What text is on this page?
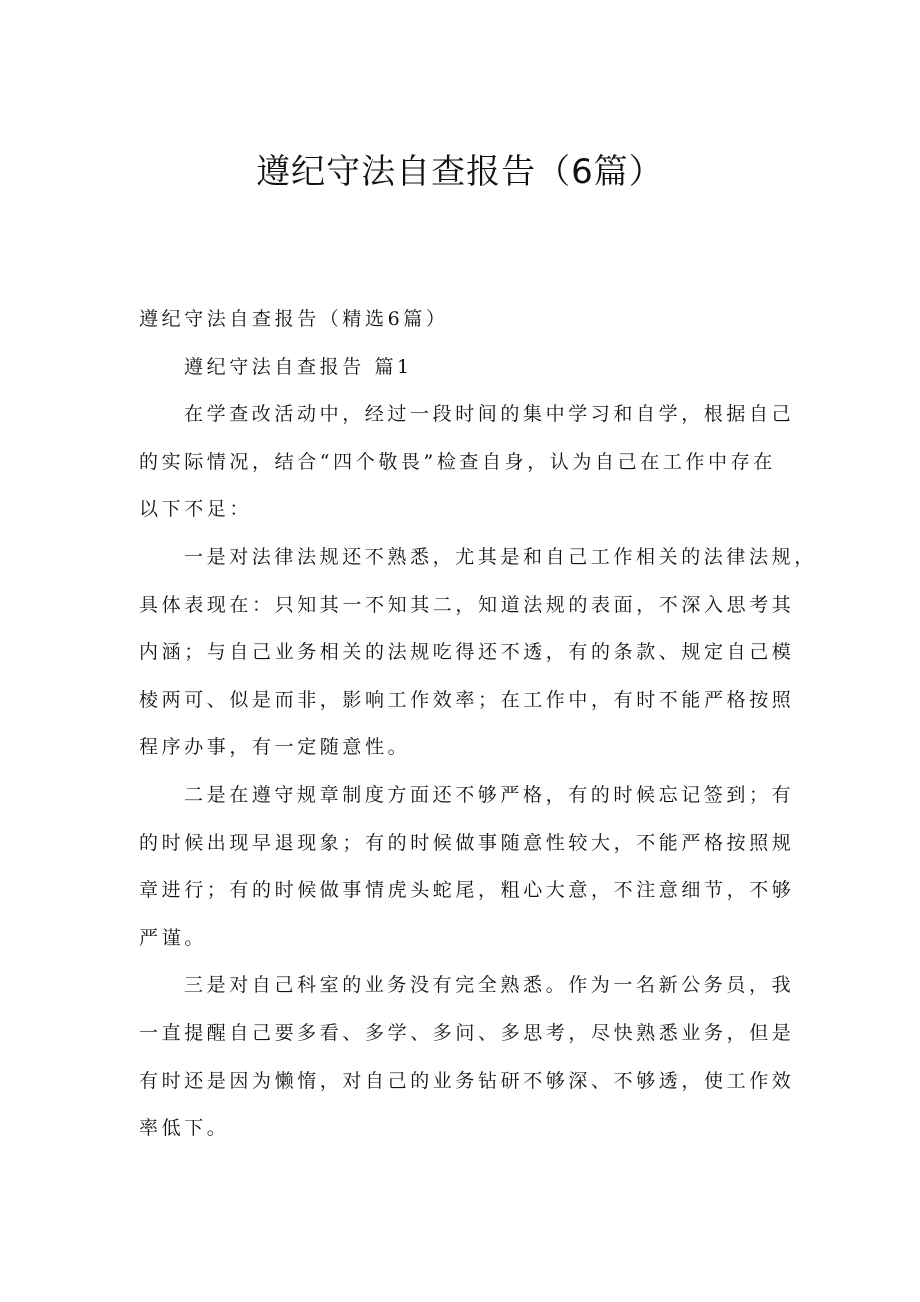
遵纪守法自查报告（6篇）
遵纪守法自查报告（精选6篇）
遵纪守法自查报告 篇1
在学查改活动中，经过一段时间的集中学习和自学，根据自己
的实际情况，结合“四个敬畏”检查自身，认为自己在工作中存在
以下不足：
一是对法律法规还不熟悉，尤其是和自己工作相关的法律法规，
具体表现在：只知其一不知其二，知道法规的表面，不深入思考其
内涵；与自己业务相关的法规吃得还不透，有的条款、规定自己模
棱两可、似是而非，影响工作效率；在工作中，有时不能严格按照
程序办事，有一定随意性。
二是在遵守规章制度方面还不够严格，有的时候忘记签到；有
的时候出现早退现象；有的时候做事随意性较大，不能严格按照规
章进行；有的时候做事情虎头蛇尾，粗心大意，不注意细节，不够
严谨。
三是对自己科室的业务没有完全熟悉。作为一名新公务员，我
一直提醒自己要多看、多学、多问、多思考，尽快熟悉业务，但是
有时还是因为懒惰，对自己的业务钻研不够深、不够透，使工作效
率低下。
